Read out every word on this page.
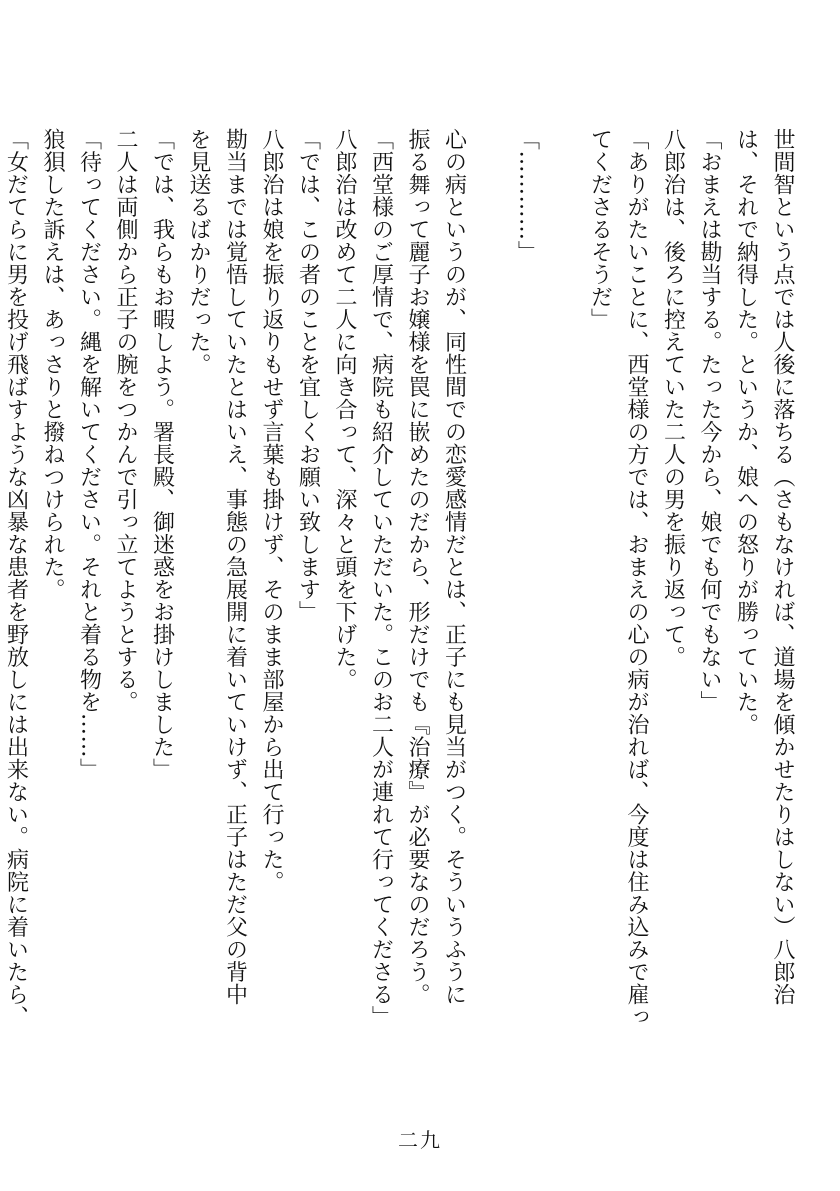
世間智という点では人後に落ちる（さもなければ、道場を傾かせたりはしない）八郎治
は、それで納得した。というか、娘への怒りが勝っていた。
「おまえは勘当する。たった今から、娘でも何でもない」
八郎治は、後ろに控えていた二人の男を振り返って。
「ありがたいことに、西堂様の方では、おまえの心の病が治れば、今度は住み込みで雇っ
てくださるそうだ」

「…………」

心の病というのが、同性間での恋愛感情だとは、正子にも見当がつく。そういうふうに
振る舞って麗子お嬢様を罠に嵌めたのだから、形だけでも『治療』が必要なのだろう。
「西堂様のご厚情で、病院も紹介していただいた。このお二人が連れて行ってくださる」
八郎治は改めて二人に向き合って、深々と頭を下げた。
「では、この者のことを宜しくお願い致します」
八郎治は娘を振り返りもせず言葉も掛けず、そのまま部屋から出て行った。
勘当までは覚悟していたとはいえ、事態の急展開に着いていけず、正子はただ父の背中
を見送るばかりだった。
「では、我らもお暇しよう。署長殿、御迷惑をお掛けしました」
二人は両側から正子の腕をつかんで引っ立てようとする。
「待ってください。縄を解いてください。それと着る物を……」
狼狽した訴えは、あっさりと撥ねつけられた。
「女だてらに男を投げ飛ばすような凶暴な患者を野放しには出来ない。病院に着いたら、
二九
